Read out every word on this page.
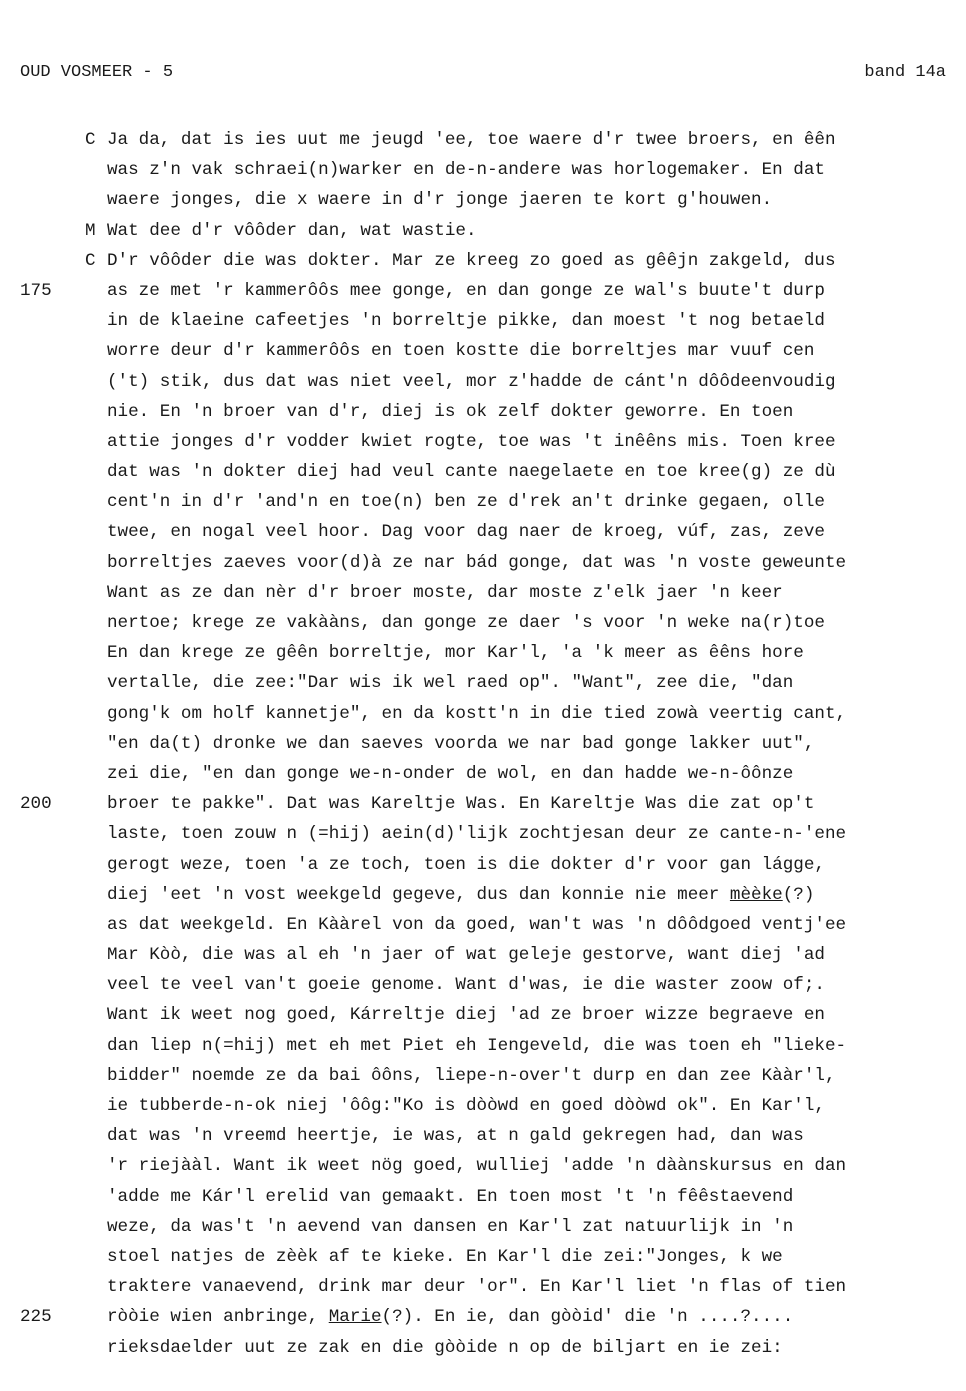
OUD VOSMEER - 5	band 14a
C Ja da, dat is ies uut me jeugd 'ee, toe waere d'r twee broers, en êên
was z'n vak schraei(n)warker en de-n-andere was horlogemaker. En dat
waere jonges, die x waere in d'r jonge jaeren te kort g'houwen.
M Wat dee d'r vôôder dan, wat wastie.
C D'r vôôder die was dokter. Mar ze kreeg zo goed as gêêjn zakgeld, dus
175	as ze met 'r kammerôôs mee gonge, en dan gonge ze wal's buute't durp
in de klaeine cafeetjes 'n borreltje pikke, dan moest 't nog betaeld
worre deur d'r kammerôôs en toen kostte die borreltjes mar vuuf cen
('t) stik, dus dat was niet veel, mor z'hadde de cánt'n dôôdeenvoudig
nie. En 'n broer van d'r, diej is ok zelf dokter geworre. En toen
attie jonges d'r vodder kwiet rogte, toe was 't inêêns mis. Toen kree
dat was 'n dokter diej had veul cante naegelaete en toe kree(g) ze dù
cent'n in d'r 'and'n en toe(n) ben ze d'rek an't drinke gegaen, olle
twee, en nogal veel hoor. Dag voor dag naer de kroeg, vúf, zas, zeve
borreltjes zaeves voor(d)à ze nar bád gonge, dat was 'n voste geweunte
Want as ze dan nèr d'r broer moste, dar moste z'elk jaer 'n keer
nertoe; krege ze vakààns, dan gonge ze daer 's voor 'n weke na(r)toe
En dan krege ze gêên borreltje, mor Kar'l, 'a 'k meer as êêns hore
vertalle, die zee:"Dar wis ik wel raed op". "Want", zee die, "dan
gong'k om holf kannetje", en da kostt'n in die tied zowà veertig cant,
"en da(t) dronke we dan saeves voorda we nar bad gonge lakker uut",
zei die, "en dan gonge we-n-onder de wol, en dan hadde we-n-ôônze
200	broer te pakke". Dat was Kareltje Was. En Kareltje Was die zat op't
laste, toen zouw n (=hij) aein(d)'lijk zochtjesan deur ze cante-n-'ene
gerogt weze, toen 'a ze toch, toen is die dokter d'r voor gan lágge,
diej 'eet 'n vost weekgeld gegeve, dus dan konnie nie meer mèèke(?)
as dat weekgeld. En Kààrel von da goed, wan't was 'n dôôdgoed ventj'ee
Mar Kòò, die was al eh 'n jaer of wat geleje gestorve, want diej 'ad
veel te veel van't goeie genome. Want d'was, ie die waster zoow of;.
Want ik weet nog goed, Kárreltje diej 'ad ze broer wizze begraeve en
dan liep n(=hij) met eh met Piet eh Iengeveld, die was toen eh "lieke-
bidder" noemde ze da bai ôôns, liepe-n-over't durp en dan zee Kààr'l,
ie tubberde-n-ok niej 'ôôg:"Ko is dòòwd en goed dòòwd ok". En Kar'l,
dat was 'n vreemd heertje, ie was, at n gald gekregen had, dan was
'r riejààl. Want ik weet nög goed, wulliej 'adde 'n dàànskursus en dan
'adde me Kár'l erelid van gemaakt. En toen most 't 'n fêêstaevend
weze, da was't 'n aevend van dansen en Kar'l zat natuurlijk in 'n
stoel natjes de zèèk af te kieke. En Kar'l die zei:"Jonges, k we
traktere vanaevend, drink mar deur 'or". En Kar'l liet 'n flas of tien
225	ròòie wien anbringe, Marie(?). En ie, dan gòòid' die 'n ....?....
rieksdaelder uut ze zak en die gòòide n op de biljart en ie zei:
